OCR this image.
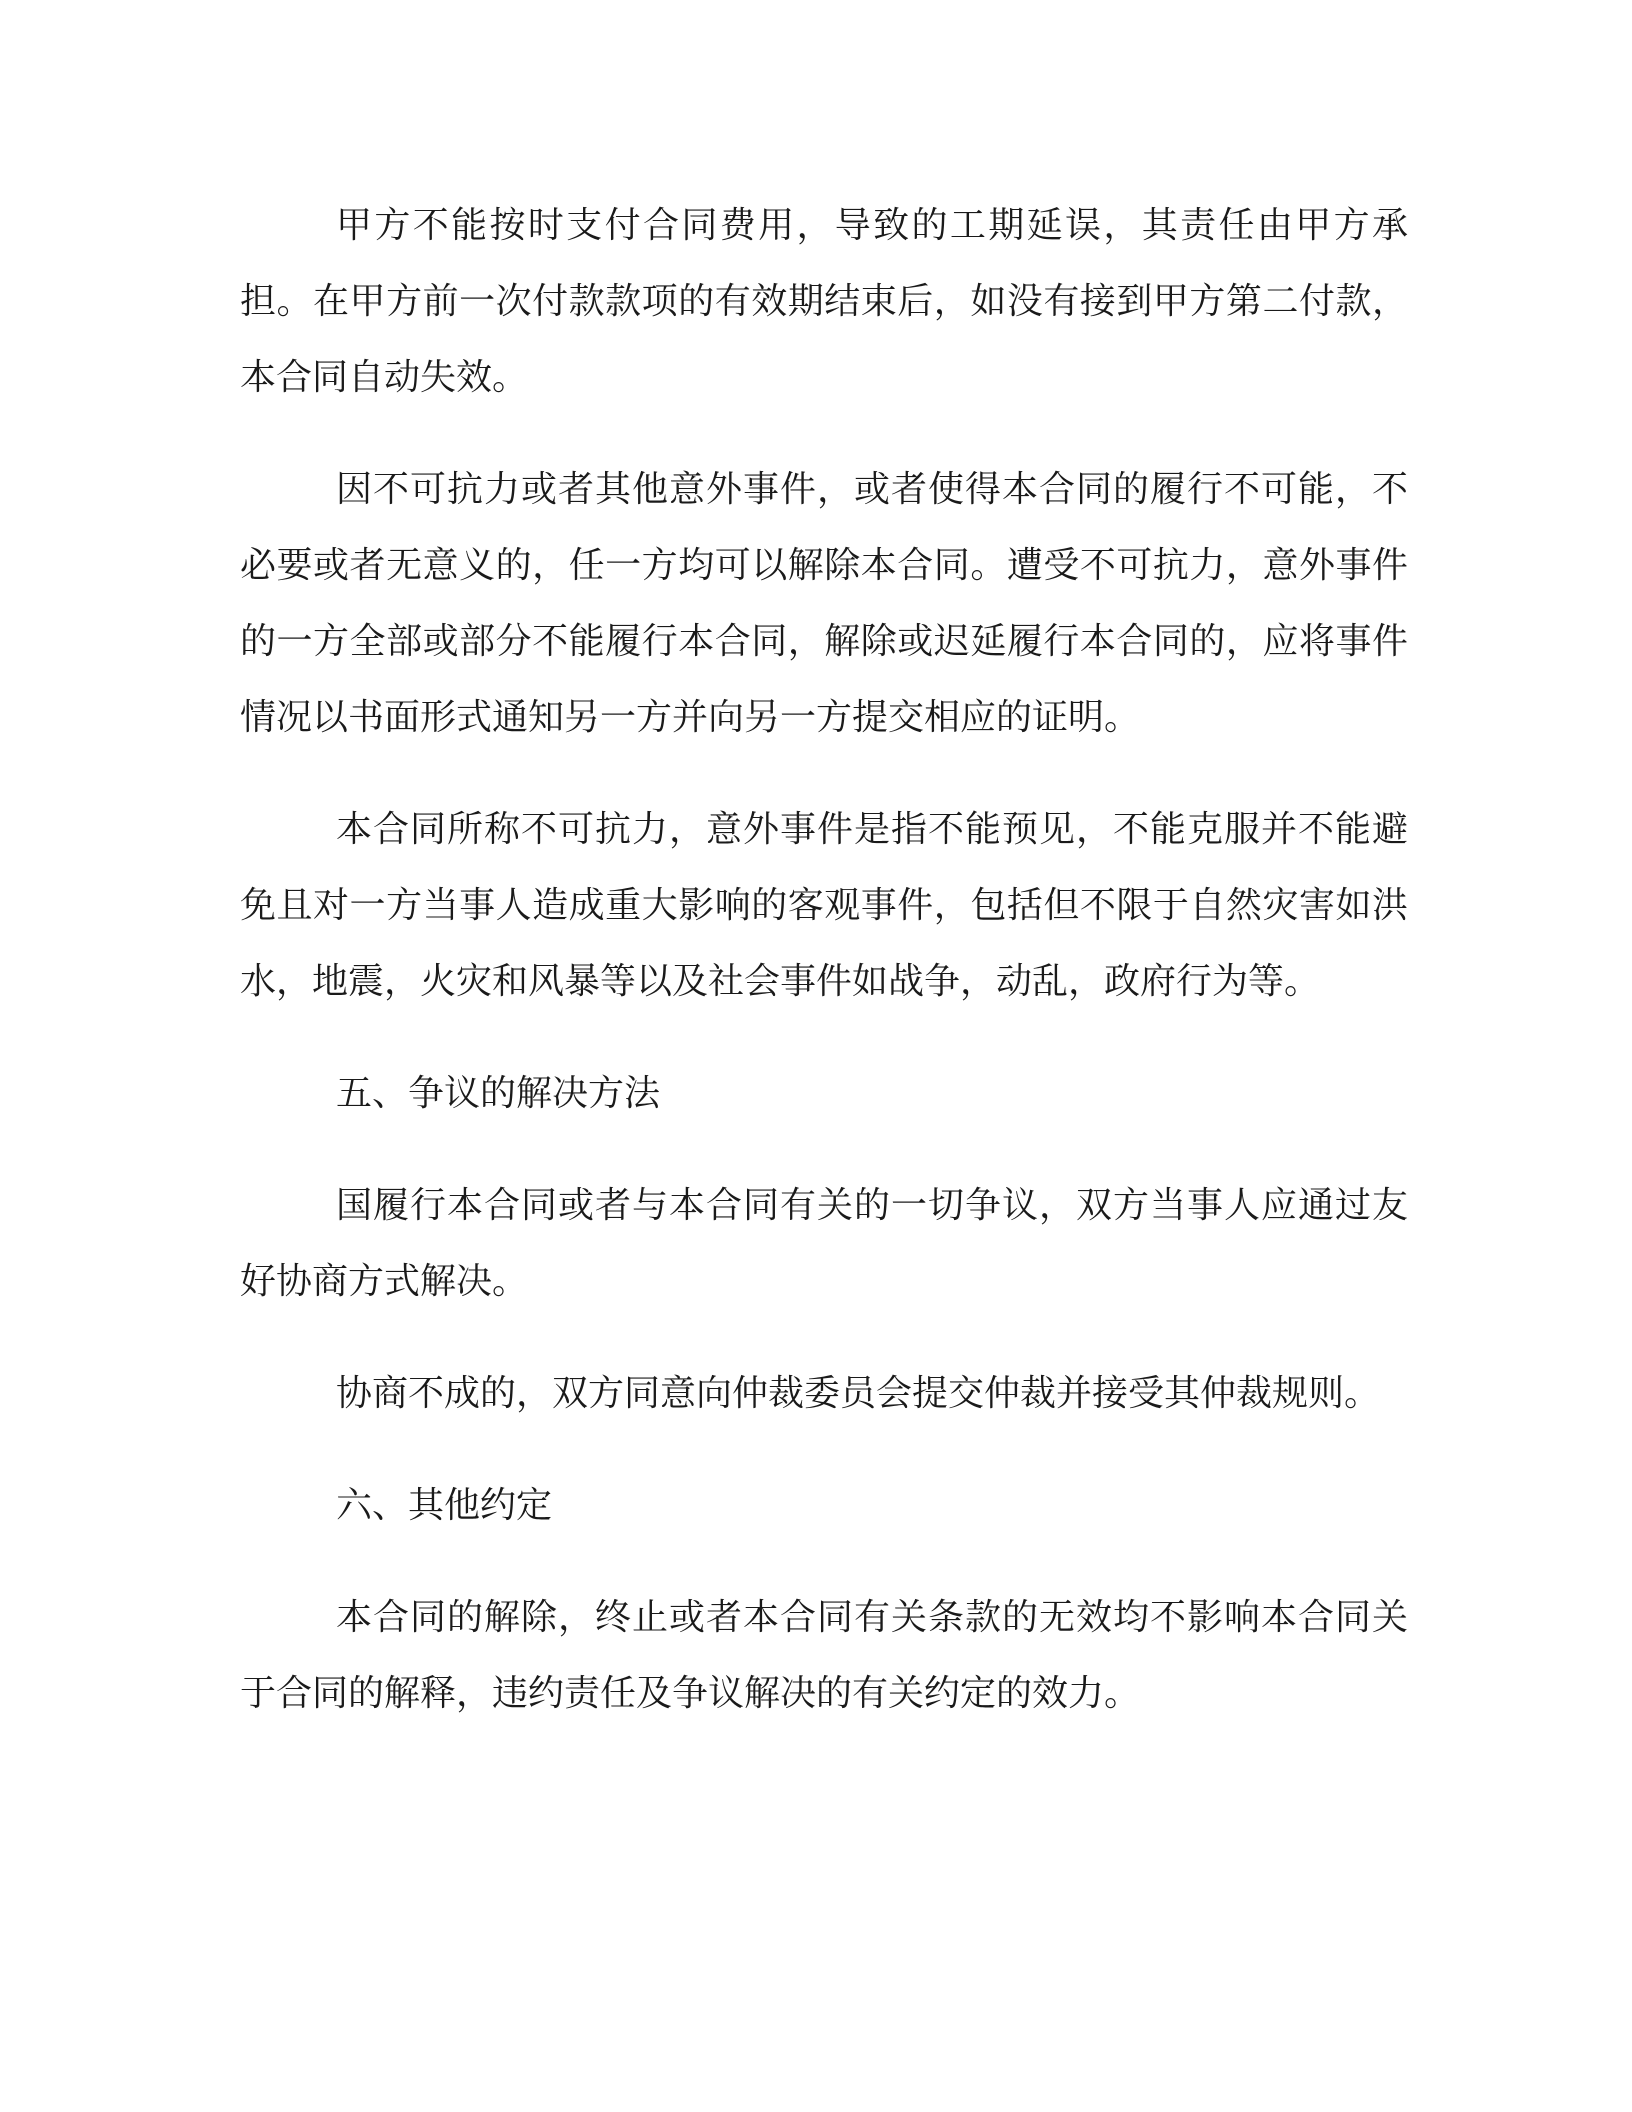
甲方不能按时支付合同费用，导致的工期延误，其责任由甲方承担。在甲方前一次付款款项的有效期结束后，如没有接到甲方第二付款，本合同自动失效。

因不可抗力或者其他意外事件，或者使得本合同的履行不可能，不必要或者无意义的，任一方均可以解除本合同。遭受不可抗力，意外事件的一方全部或部分不能履行本合同，解除或迟延履行本合同的，应将事件情况以书面形式通知另一方并向另一方提交相应的证明。

本合同所称不可抗力，意外事件是指不能预见，不能克服并不能避免且对一方当事人造成重大影响的客观事件，包括但不限于自然灾害如洪水，地震，火灾和风暴等以及社会事件如战争，动乱，政府行为等。

五、争议的解决方法

国履行本合同或者与本合同有关的一切争议，双方当事人应通过友好协商方式解决。

协商不成的，双方同意向仲裁委员会提交仲裁并接受其仲裁规则。

六、其他约定

本合同的解除，终止或者本合同有关条款的无效均不影响本合同关于合同的解释，违约责任及争议解决的有关约定的效力。
